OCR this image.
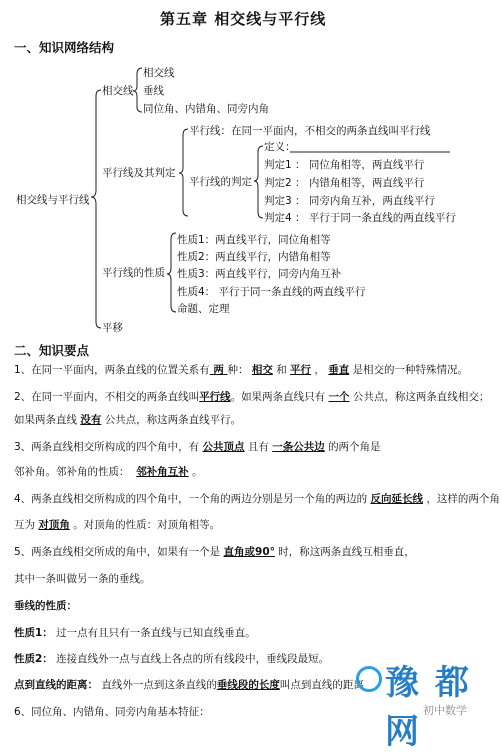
第五章 相交线与平行线
一、知识网络结构
相交线与平行线
相交线
相交线
垂线
同位角、内错角、同旁内角
平行线及其判定
平行线：在同一平面内，不相交的两条直线叫平行线
平行线的判定
定义：
判定1 ： 同位角相等，两直线平行
判定2 ： 内错角相等，两直线平行
判定3 ： 同旁内角互补，两直线平行
判定4 ： 平行于同一条直线的两直线平行
平行线的性质
性质1：两直线平行，同位角相等
性质2：两直线平行，内错角相等
性质3：两直线平行，同旁内角互补
性质4： 平行于同一条直线的两直线平行
命题、定理
平移
二、知识要点
1、在同一平面内，两条直线的位置关系有 两 种： 相交 和 平行 ， 垂直 是相交的一种特殊情况。
2、在同一平面内，不相交的两条直线叫平行线。如果两条直线只有 一个 公共点，称这两条直线相交；
如果两条直线 没有 公共点，称这两条直线平行。
3、两条直线相交所构成的四个角中，有 公共顶点 且有 一条公共边 的两个角是
邻补角。邻补角的性质： 邻补角互补 。
4、两条直线相交所构成的四个角中，一个角的两边分别是另一个角的两边的 反向延长线 ，这样的两个角
互为 对顶角 。对顶角的性质：对顶角相等。
5、两条直线相交所成的角中，如果有一个是 直角或90° 时，称这两条直线互相垂直，
其中一条叫做另一条的垂线。
垂线的性质：
性质1： 过一点有且只有一条直线与已知直线垂直。
性质2： 连接直线外一点与直线上各点的所有线段中，垂线段最短。
点到直线的距离： 直线外一点到这条直线的垂线段的长度叫点到直线的距离
6、同位角、内错角、同旁内角基本特征：
豫 都 网
初中数学
